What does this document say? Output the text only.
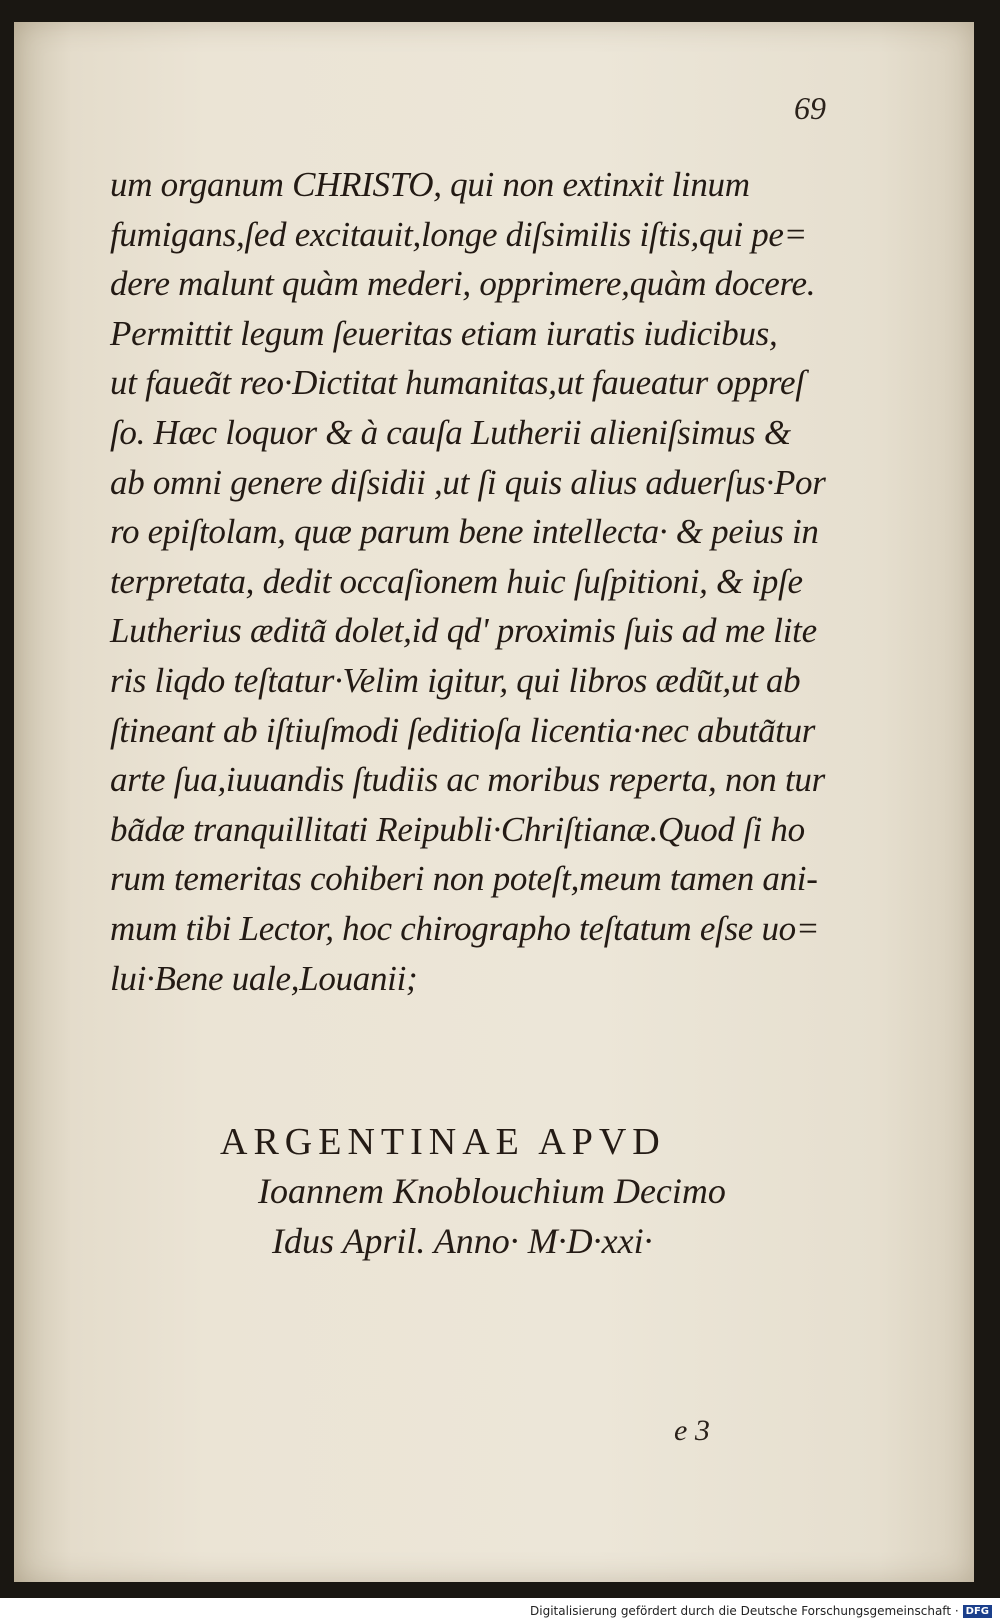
69
um organum CHRISTO, qui non extinxit linum
fumigans,ſed excitauit,longe diſsimilis iſtis,qui pe=
dere malunt quàm mederi, opprimere,quàm docere.
Permittit legum ſeueritas etiam iuratis iudicibus,
ut fauea͂t reo·Dictitat humanitas,ut faueatur oppreſ
ſo. Hæc loquor & à cauſa Lutherii alieniſsimus &
ab omni genere diſsidii ,ut ſi quis alius aduerſus·Por
ro epiſtolam, quæ parum bene intellecta· & peius in
terpretata, dedit occaſionem huic ſuſpitioni, & ipſe
Lutherius ædita͂ dolet,id qd' proximis ſuis ad me lite
ris liqdo teſtatur·Velim igitur, qui libros ædu͂t,ut ab
ſtineant ab iſtiuſmodi ſeditioſa licentia·nec abuta͂tur
arte ſua,iuuandis ſtudiis ac moribus reperta, non tur
ba͂dæ tranquillitati Reipubli·Chriſtianæ.Quod ſi ho
rum temeritas cohiberi non poteſt,meum tamen ani-
mum tibi Lector, hoc chirographo teſtatum eſse uo=
lui·Bene uale,Louanii;
ARGENTINAE APVD
Ioannem Knoblouchium Decimo
Idus April. Anno· M·D·xxi·
e 3
Digitalisierung gefördert durch die Deutsche Forschungsgemeinschaft · DFG
